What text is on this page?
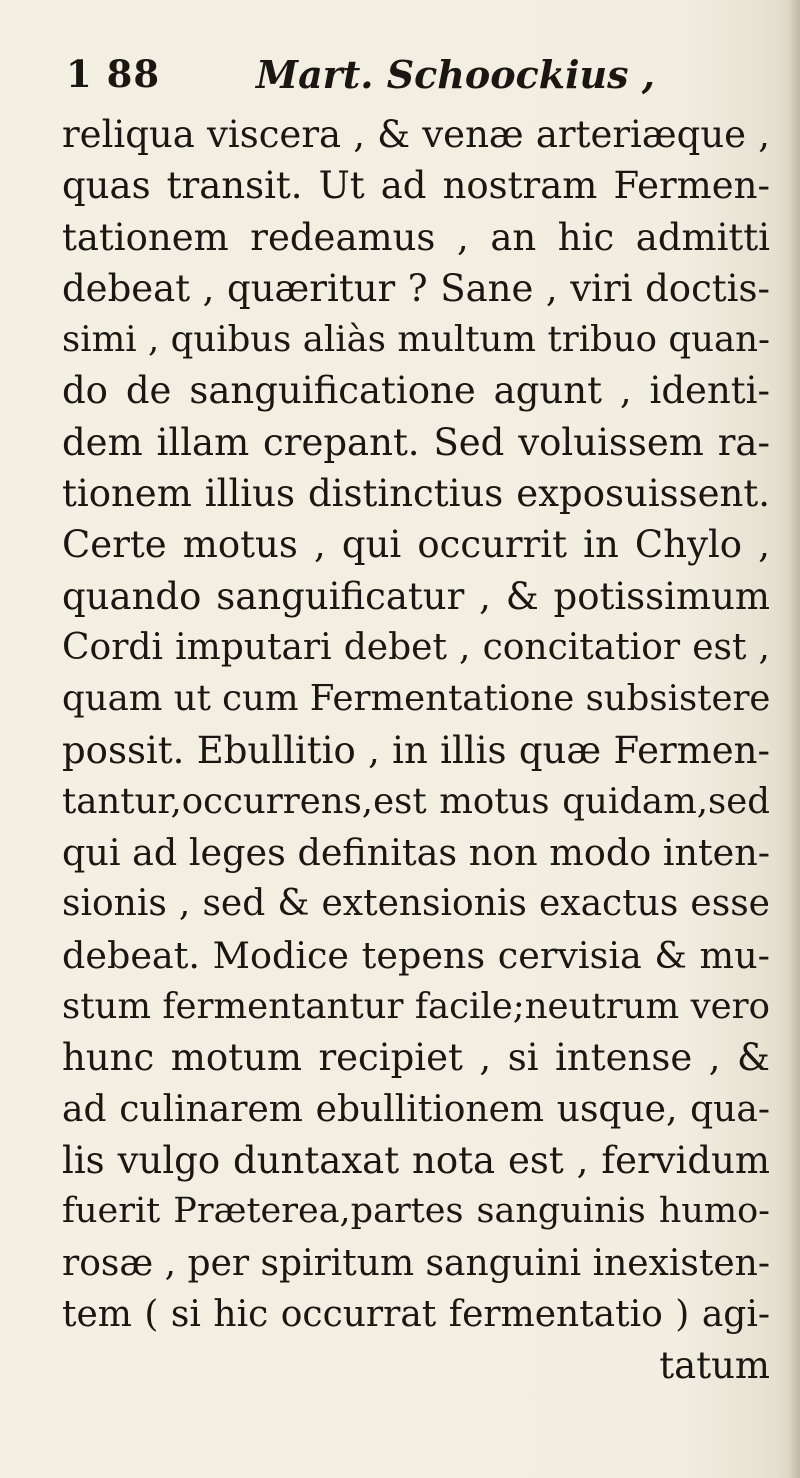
1 88	Mart. Schoockius ,
reliqua viscera , & venæ arteriæque ,
quas transit. Ut ad nostram Fermen-
tationem redeamus , an hic admitti
debeat , quæritur ? Sane , viri doctis-
simi , quibus aliàs multum tribuo quan-
do de sanguificatione agunt , identi-
dem illam crepant. Sed voluissem ra-
tionem illius distinctius exposuissent.
Certe motus , qui occurrit in Chylo ,
quando sanguificatur , & potissimum
Cordi imputari debet , concitatior est ,
quam ut cum Fermentatione subsistere
possit. Ebullitio , in illis quæ Fermen-
tantur,occurrens,est motus quidam,sed
qui ad leges definitas non modo inten-
sionis , sed & extensionis exactus esse
debeat. Modice tepens cervisia & mu-
stum fermentantur facile;neutrum vero
hunc motum recipiet , si intense , &
ad culinarem ebullitionem usque, qua-
lis vulgo duntaxat nota est , fervidum
fuerit Præterea,partes sanguinis humo-
rosæ , per spiritum sanguini inexisten-
tem ( si hic occurrat fermentatio ) agi-
tatum
